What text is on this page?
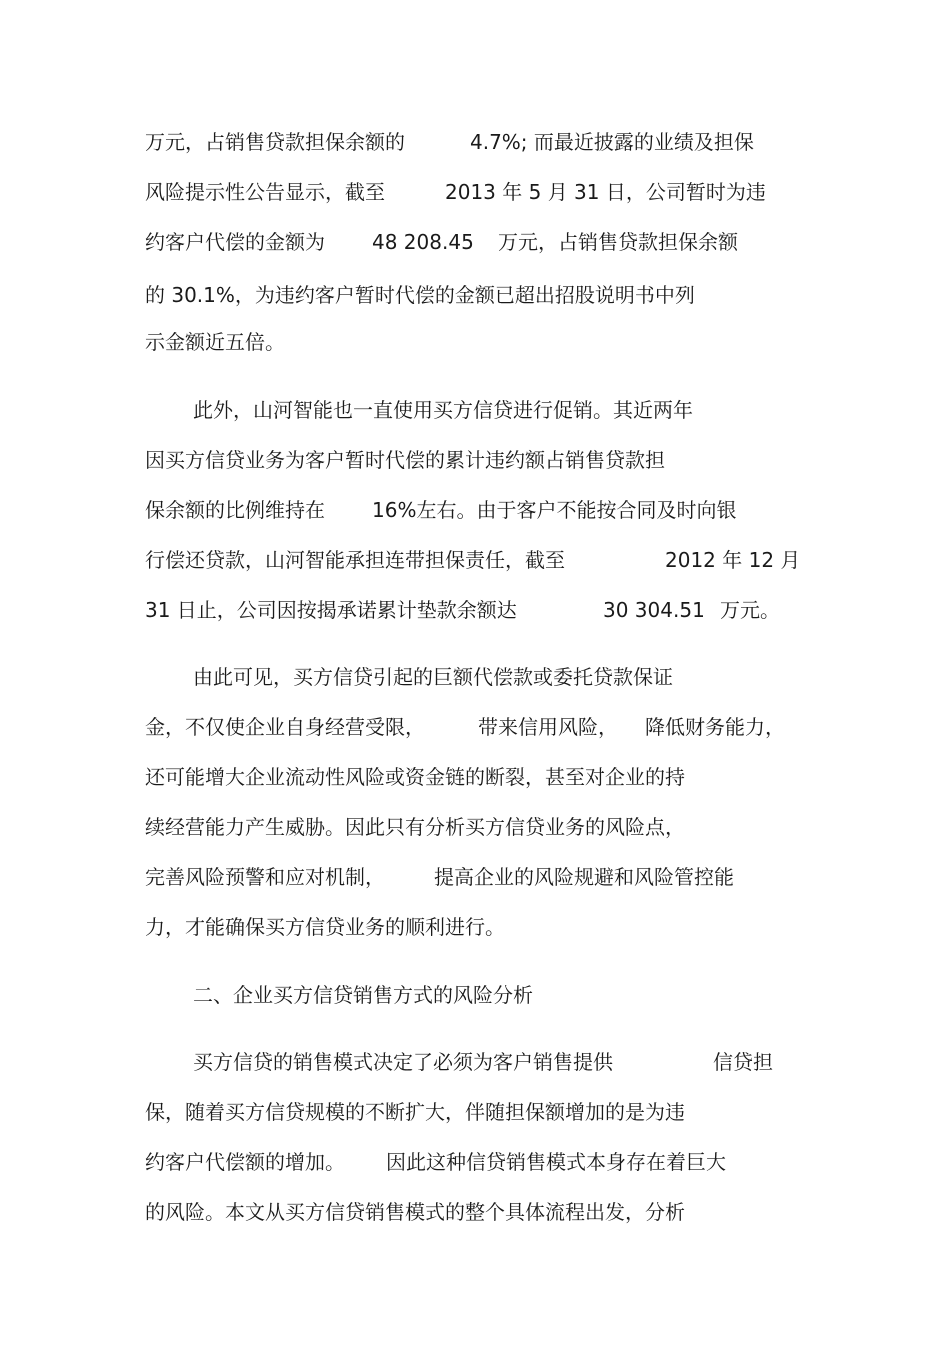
万元，占销售贷款担保余额的	4.7%; 而最近披露的业绩及担保
风险提示性公告显示，截至	2013 年 5 月 31 日，公司暂时为违
约客户代偿的金额为 48 208.45 万元，占销售贷款担保余额
的 30.1%，为违约客户暂时代偿的金额已超出招股说明书中列
示金额近五倍。
此外，山河智能也一直使用买方信贷进行促销。其近两年
因买方信贷业务为客户暂时代偿的累计违约额占销售贷款担
保余额的比例维持在 16%左右。由于客户不能按合同及时向银
行偿还贷款，山河智能承担连带担保责任，截至	2012 年 12 月
31 日止，公司因按揭承诺累计垫款余额达	30 304.51 万元。
由此可见，买方信贷引起的巨额代偿款或委托贷款保证
金，不仅使企业自身经营受限，	带来信用风险， 降低财务能力，
还可能增大企业流动性风险或资金链的断裂，甚至对企业的持
续经营能力产生威胁。因此只有分析买方信贷业务的风险点，
完善风险预警和应对机制， 提高企业的风险规避和风险管控能
力，才能确保买方信贷业务的顺利进行。
二、企业买方信贷销售方式的风险分析
买方信贷的销售模式决定了必须为客户销售提供	信贷担
保，随着买方信贷规模的不断扩大，伴随担保额增加的是为违
约客户代偿额的增加。 因此这种信贷销售模式本身存在着巨大
的风险。本文从买方信贷销售模式的整个具体流程出发，分析
